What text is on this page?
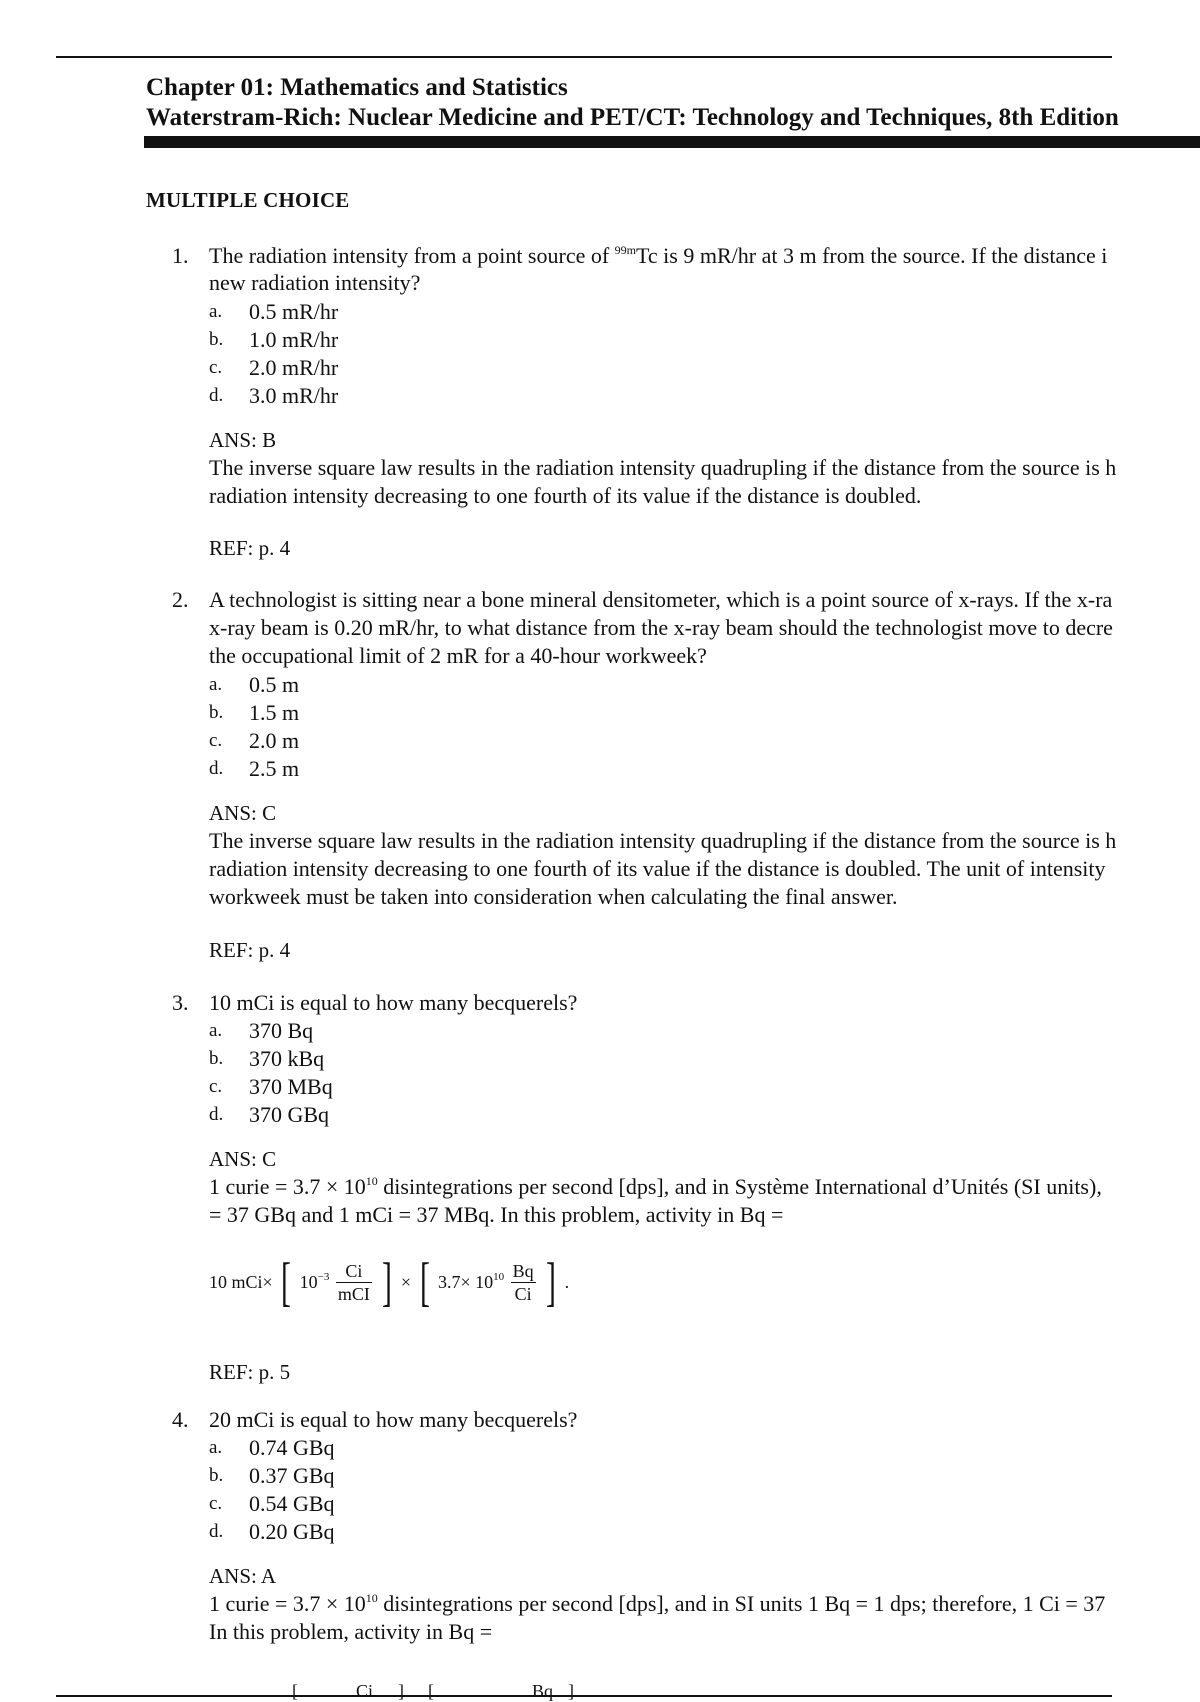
Chapter 01: Mathematics and Statistics
Waterstram-Rich: Nuclear Medicine and PET/CT: Technology and Techniques, 8th Edition
MULTIPLE CHOICE
1. The radiation intensity from a point source of $^{99m}$Tc is 9 mR/hr at 3 m from the source. If the distance i
new radiation intensity?
a. 0.5 mR/hr
b. 1.0 mR/hr
c. 2.0 mR/hr
d. 3.0 mR/hr
ANS: B
The inverse square law results in the radiation intensity quadrupling if the distance from the source is h
radiation intensity decreasing to one fourth of its value if the distance is doubled.
REF: p. 4
2. A technologist is sitting near a bone mineral densitometer, which is a point source of x-rays. If the x-ra
x-ray beam is 0.20 mR/hr, to what distance from the x-ray beam should the technologist move to decre
the occupational limit of 2 mR for a 40-hour workweek?
a. 0.5 m
b. 1.5 m
c. 2.0 m
d. 2.5 m
ANS: C
The inverse square law results in the radiation intensity quadrupling if the distance from the source is h
radiation intensity decreasing to one fourth of its value if the distance is doubled. The unit of intensity
workweek must be taken into consideration when calculating the final answer.
REF: p. 4
3. 10 mCi is equal to how many becquerels?
a. 370 Bq
b. 370 kBq
c. 370 MBq
d. 370 GBq
ANS: C
1 curie = $3.7 \times 10^{10}$ disintegrations per second [dps], and in Système International d’Unités (SI units),
= 37 GBq and 1 mCi = 37 MBq. In this problem, activity in Bq =
10 mCi× [ $10^{-3} \frac{Ci}{\text{mCI}}$ ] × [ $3.7\times 10^{10} \frac{Bq}{Ci}$ ] .
REF: p. 5
4. 20 mCi is equal to how many becquerels?
a. 0.74 GBq
b. 0.37 GBq
c. 0.54 GBq
d. 0.20 GBq
ANS: A
1 curie = $3.7 \times 10^{10}$ disintegrations per second [dps], and in SI units 1 Bq = 1 dps; therefore, 1 Ci = 37
In this problem, activity in Bq =
[	Ci ] [	Bq ]
